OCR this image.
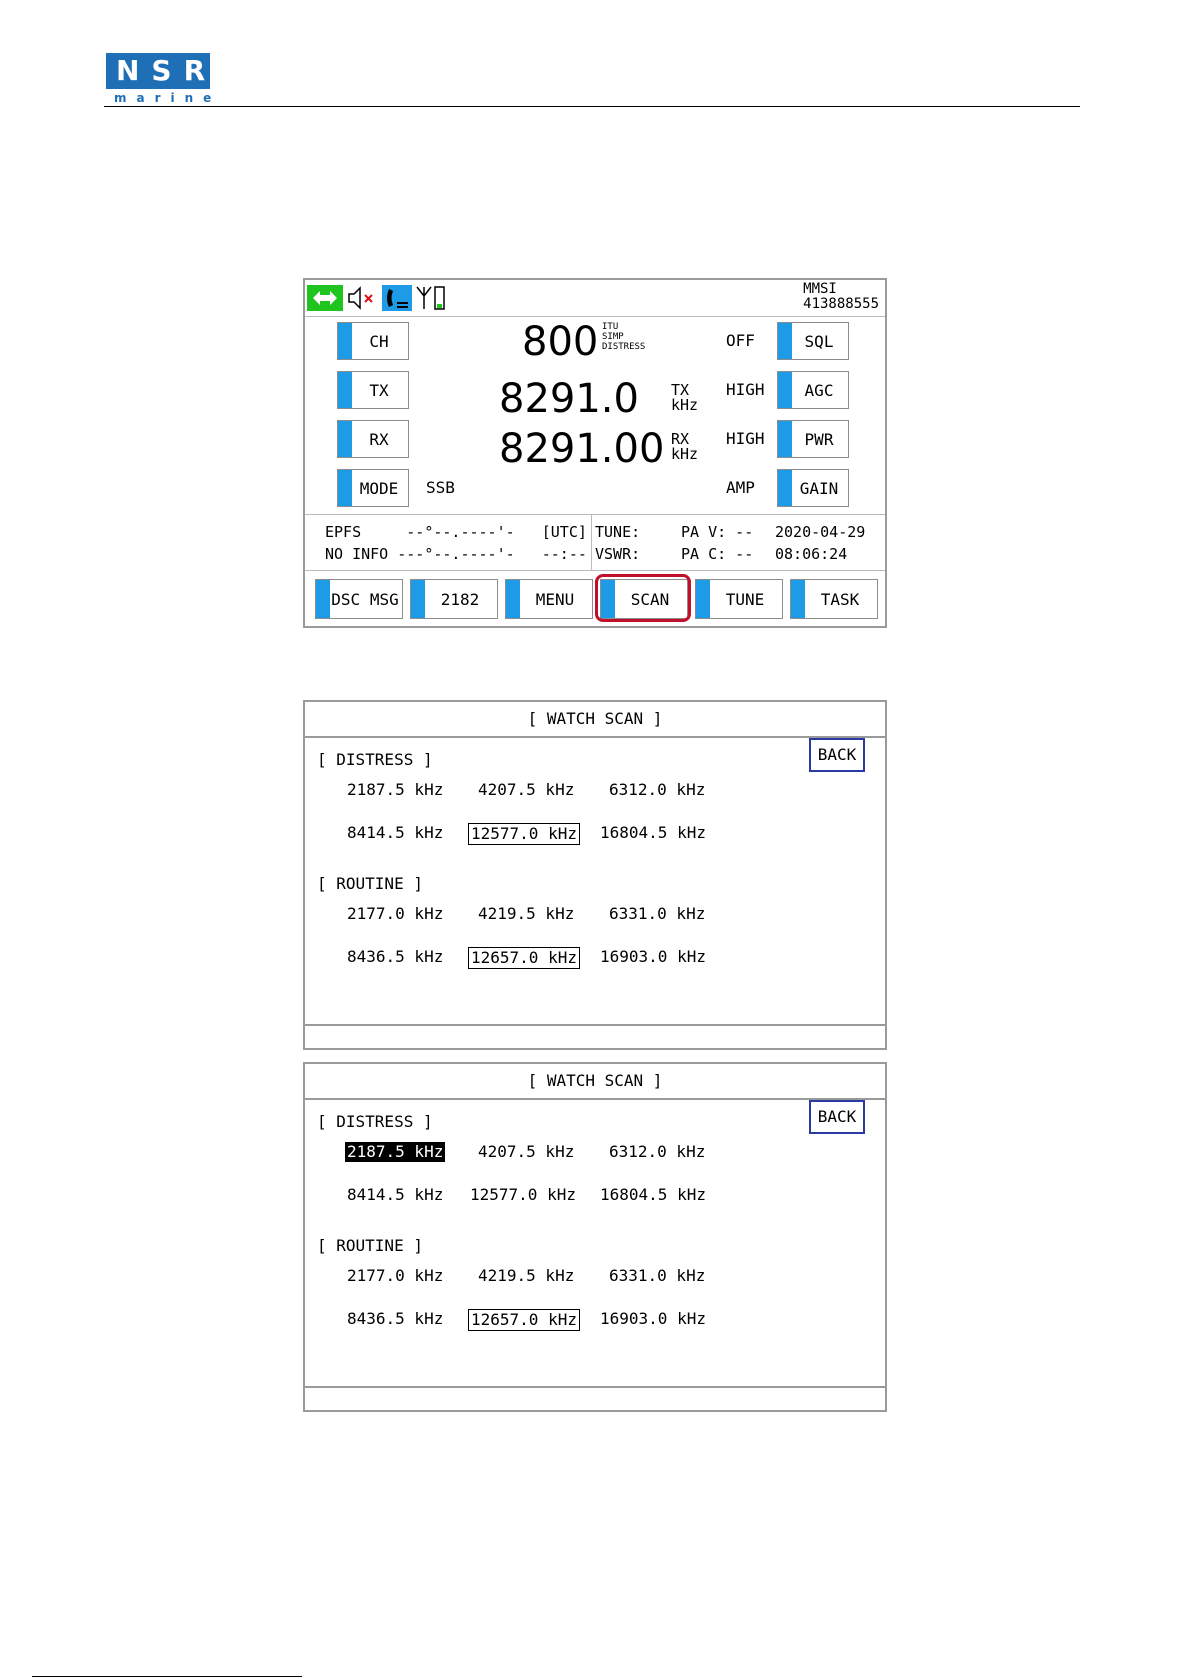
NSR
marine
MMSI
413888555
CH
TX
RX
MODE SSB
800 ITU
SIMP
DISTRESS
8291.0 TX
kHz
8291.00 RX
kHz
OFF
HIGH
HIGH
AMP
SQL
AGC
PWR
GAIN
EPFS     --°--.----'-   [UTC]
NO INFO ---°--.----'-   --:--
TUNE:
VSWR:
PA V: --
PA C: --
2020-04-29
08:06:24
DSC MSG	2182	MENU	SCAN	TUNE	TASK
[ WATCH SCAN ]
BACK
[ DISTRESS ]
2187.5 kHz 4207.5 kHz 6312.0 kHz
8414.5 kHz 12577.0 kHz 16804.5 kHz
[ ROUTINE ]
2177.0 kHz 4219.5 kHz 6331.0 kHz
8436.5 kHz 12657.0 kHz 16903.0 kHz
[ WATCH SCAN ]
BACK
[ DISTRESS ]
2187.5 kHz 4207.5 kHz 6312.0 kHz
8414.5 kHz 12577.0 kHz 16804.5 kHz
[ ROUTINE ]
2177.0 kHz 4219.5 kHz 6331.0 kHz
8436.5 kHz 12657.0 kHz 16903.0 kHz
